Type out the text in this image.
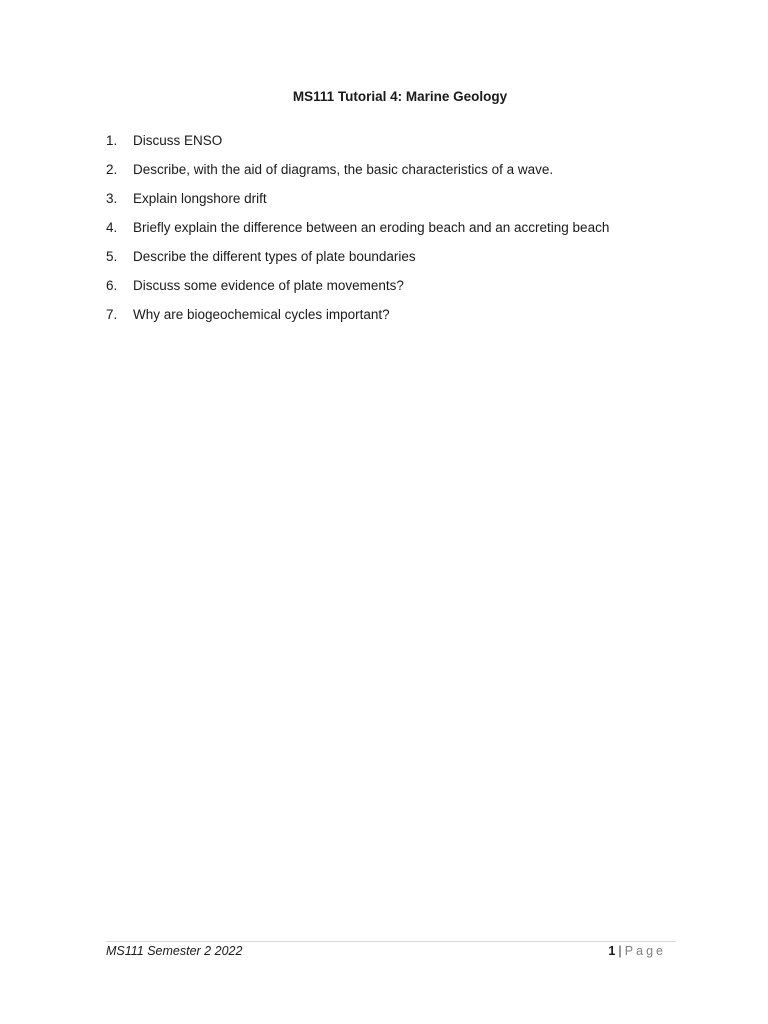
MS111 Tutorial 4: Marine Geology
1.	Discuss ENSO
2.	Describe, with the aid of diagrams, the basic characteristics of a wave.
3.	Explain longshore drift
4.	Briefly explain the difference between an eroding beach and an accreting beach
5.	Describe the different types of plate boundaries
6.	Discuss some evidence of plate movements?
7.	Why are biogeochemical cycles important?
MS111 Semester 2 2022	1 | Page
